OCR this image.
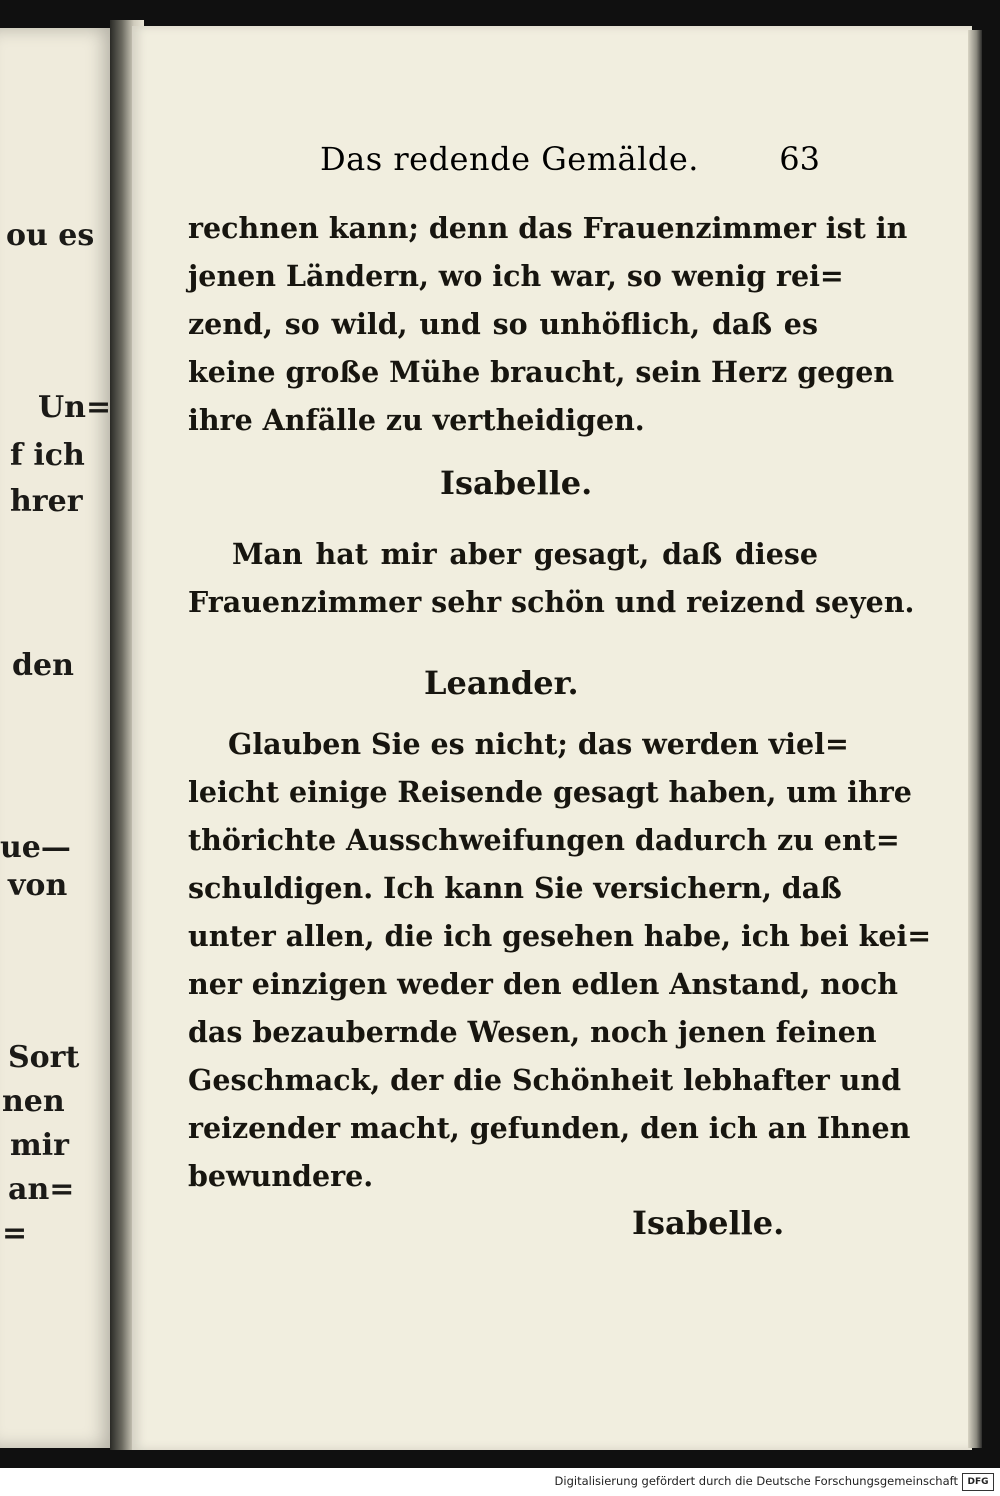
ou es
Un=
f ich
hrer
den
ue—
von
Sort
nen
mir
an=
=
Das redende Gemälde.	63
rechnen kann; denn das Frauenzimmer ist in
jenen Ländern, wo ich war, so wenig rei=
zend, so wild, und so unhöflich, daß es
keine große Mühe braucht, sein Herz gegen
ihre Anfälle zu vertheidigen.
Isabelle.
Man hat mir aber gesagt, daß diese
Frauenzimmer sehr schön und reizend seyen.
Leander.
Glauben Sie es nicht; das werden viel=
leicht einige Reisende gesagt haben, um ihre
thörichte Ausschweifungen dadurch zu ent=
schuldigen. Ich kann Sie versichern, daß
unter allen, die ich gesehen habe, ich bei kei=
ner einzigen weder den edlen Anstand, noch
das bezaubernde Wesen, noch jenen feinen
Geschmack, der die Schönheit lebhafter und
reizender macht, gefunden, den ich an Ihnen
bewundere.
Isabelle.
Digitalisierung gefördert durch die Deutsche Forschungsgemeinschaft	DFG
